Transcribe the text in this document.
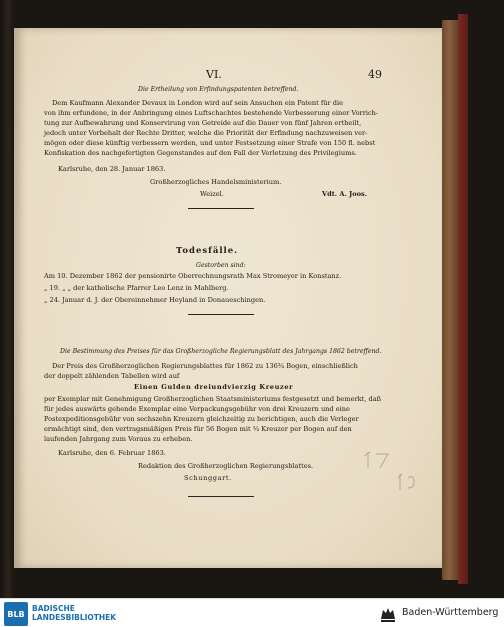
VI.	49
Die Ertheilung von Erfindungspatenten betreffend.
Dem Kaufmann Alexander Devaux in London wird auf sein Ansuchen ein Patent für die
von ihm erfundene, in der Anbringung eines Luftschachtes bestehende Verbesserung einer Vorrich-
tung zur Aufbewahrung und Konservirung von Getreide auf die Dauer von fünf Jahren ertheilt,
jedoch unter Vorbehalt der Rechte Dritter, welche die Priorität der Erfindung nachzuweisen ver-
mögen oder diese künftig verbessern werden, und unter Festsetzung einer Strafe von 150 fl. nebst
Konfiskation des nachgefertigten Gegenstandes auf den Fall der Verletzung des Privilegiums.
Karlsruhe, den 28. Januar 1863.
Großherzogliches Handelsministerium.
Weizel.	Vdt. A. Joos.
Todesfälle.
Gestorben sind:
Am 10. Dezember 1862 der pensionirte Oberrechnungsrath Max Stromeyer in Konstanz.
„ 19. „ „ der katholische Pfarrer Leo Lenz in Mahlberg.
„ 24. Januar d. J. der Obereinnehmer Heyland in Donaueschingen.
Die Bestimmung des Preises für das Großherzogliche Regierungsblatt des Jahrgangs 1862 betreffend.
Der Preis des Großherzoglichen Regierungsblattes für 1862 zu 136¾ Bogen, einschließlich
der doppelt zählenden Tabellen wird auf
Einen Gulden dreiundvierzig Kreuzer
per Exemplar mit Genehmigung Großherzoglichen Staatsministeriums festgesetzt und bemerkt, daß
für jedes auswärts gehende Exemplar eine Verpackungsgebühr von drei Kreuzern und eine
Postexpeditionsgebühr von sechszehn Kreuzern gleichzeitig zu berichtigen, auch die Verleger
ermächtigt sind, den vertragsmäßigen Preis für 56 Bogen mit ¾ Kreuzer per Bogen auf den
laufenden Jahrgang zum Voraus zu erheben.
Karlsruhe, den 6. Februar 1863.
Redaktion des Großherzoglichen Regierungsblattes.
Schunggart.
BLB
BADISCHE
LANDESBIBLIOTHEK	Baden-Württemberg
